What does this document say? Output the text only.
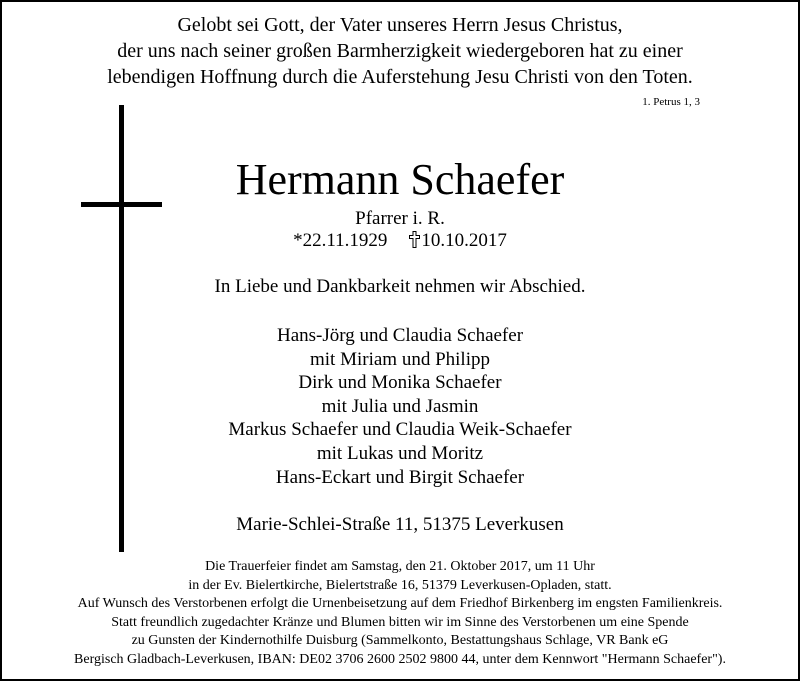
Gelobt sei Gott, der Vater unseres Herrn Jesus Christus,
der uns nach seiner großen Barmherzigkeit wiedergeboren hat zu einer
lebendigen Hoffnung durch die Auferstehung Jesu Christi von den Toten.
1. Petrus 1, 3
Hermann Schaefer
Pfarrer i. R.
*22.11.1929 10.10.2017
In Liebe und Dankbarkeit nehmen wir Abschied.
Hans-Jörg und Claudia Schaefer
mit Miriam und Philipp
Dirk und Monika Schaefer
mit Julia und Jasmin
Markus Schaefer und Claudia Weik-Schaefer
mit Lukas und Moritz
Hans-Eckart und Birgit Schaefer
Marie-Schlei-Straße 11, 51375 Leverkusen
Die Trauerfeier findet am Samstag, den 21. Oktober 2017, um 11 Uhr
in der Ev. Bielertkirche, Bielertstraße 16, 51379 Leverkusen-Opladen, statt.
Auf Wunsch des Verstorbenen erfolgt die Urnenbeisetzung auf dem Friedhof Birkenberg im engsten Familienkreis.
Statt freundlich zugedachter Kränze und Blumen bitten wir im Sinne des Verstorbenen um eine Spende
zu Gunsten der Kindernothilfe Duisburg (Sammelkonto, Bestattungshaus Schlage, VR Bank eG
Bergisch Gladbach-Leverkusen, IBAN: DE02 3706 2600 2502 9800 44, unter dem Kennwort "Hermann Schaefer").
